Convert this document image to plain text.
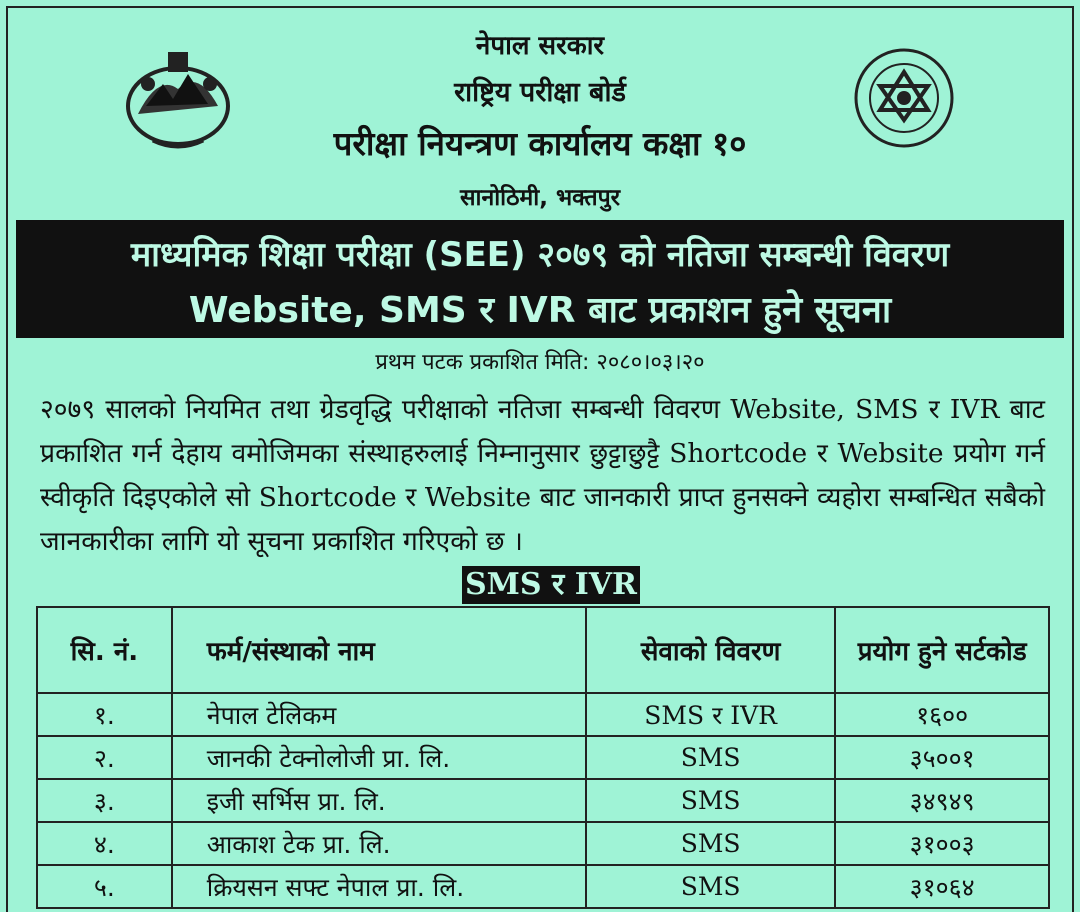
नेपाल सरकार
राष्ट्रिय परीक्षा बोर्ड
परीक्षा नियन्त्रण कार्यालय कक्षा १०
सानोठिमी, भक्तपुर
माध्यमिक शिक्षा परीक्षा (SEE) २०७९ को नतिजा सम्बन्धी विवरण
Website, SMS र IVR बाट प्रकाशन हुने सूचना
प्रथम पटक प्रकाशित मिति: २०८०।०३।२०
२०७९ सालको नियमित तथा ग्रेडवृद्धि परीक्षाको नतिजा सम्बन्धी विवरण Website, SMS र IVR बाट प्रकाशित गर्न देहाय वमोजिमका संस्थाहरुलाई निम्नानुसार छुट्टाछुट्टै Shortcode र Website प्रयोग गर्न स्वीकृति दिइएकोले सो Shortcode र Website बाट जानकारी प्राप्त हुनसक्ने व्यहोरा सम्बन्धित सबैको जानकारीका लागि यो सूचना प्रकाशित गरिएको छ ।
SMS र IVR
सि. नं.	फर्म/संस्थाको नाम	सेवाको विवरण	प्रयोग हुने सर्टकोड
१.	नेपाल टेलिकम	SMS र IVR	१६००
२.	जानकी टेक्नोलोजी प्रा. लि.	SMS	३५००१
३.	इजी सर्भिस प्रा. लि.	SMS	३४९४९
४.	आकाश टेक प्रा. लि.	SMS	३१००३
५.	क्रियसन सफ्ट नेपाल प्रा. लि.	SMS	३१०६४
